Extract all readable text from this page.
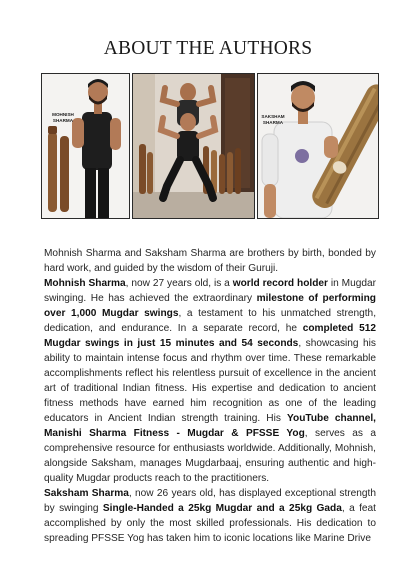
ABOUT THE AUTHORS
MOHNISH
SHARMA
SAKSHAM
SHARMA

Mohnish Sharma and Saksham Sharma are brothers by birth, bonded by hard work, and guided by the wisdom of their Guruji.

Mohnish Sharma, now 27 years old, is a world record holder in Mugdar swinging. He has achieved the extraordinary milestone of performing over 1,000 Mugdar swings, a testament to his unmatched strength, dedication, and endurance. In a separate record, he completed 512 Mugdar swings in just 15 minutes and 54 seconds, showcasing his ability to maintain intense focus and rhythm over time. These remarkable accomplishments reflect his relentless pursuit of excellence in the ancient art of traditional Indian fitness. His expertise and dedication to ancient fitness methods have earned him recognition as one of the leading educators in Ancient Indian strength training. His YouTube channel, Manishi Sharma Fitness - Mugdar & PFSSE Yog, serves as a comprehensive resource for enthusiasts worldwide. Additionally, Mohnish, alongside Saksham, manages Mugdarbaaj, ensuring authentic and high-quality Mugdar products reach to the practitioners.

Saksham Sharma, now 26 years old, has displayed exceptional strength by swinging Single-Handed a 25kg Mugdar and a 25kg Gada, a feat accomplished by only the most skilled professionals. His dedication to spreading PFSSE Yog has taken him to iconic locations like Marine Drive
